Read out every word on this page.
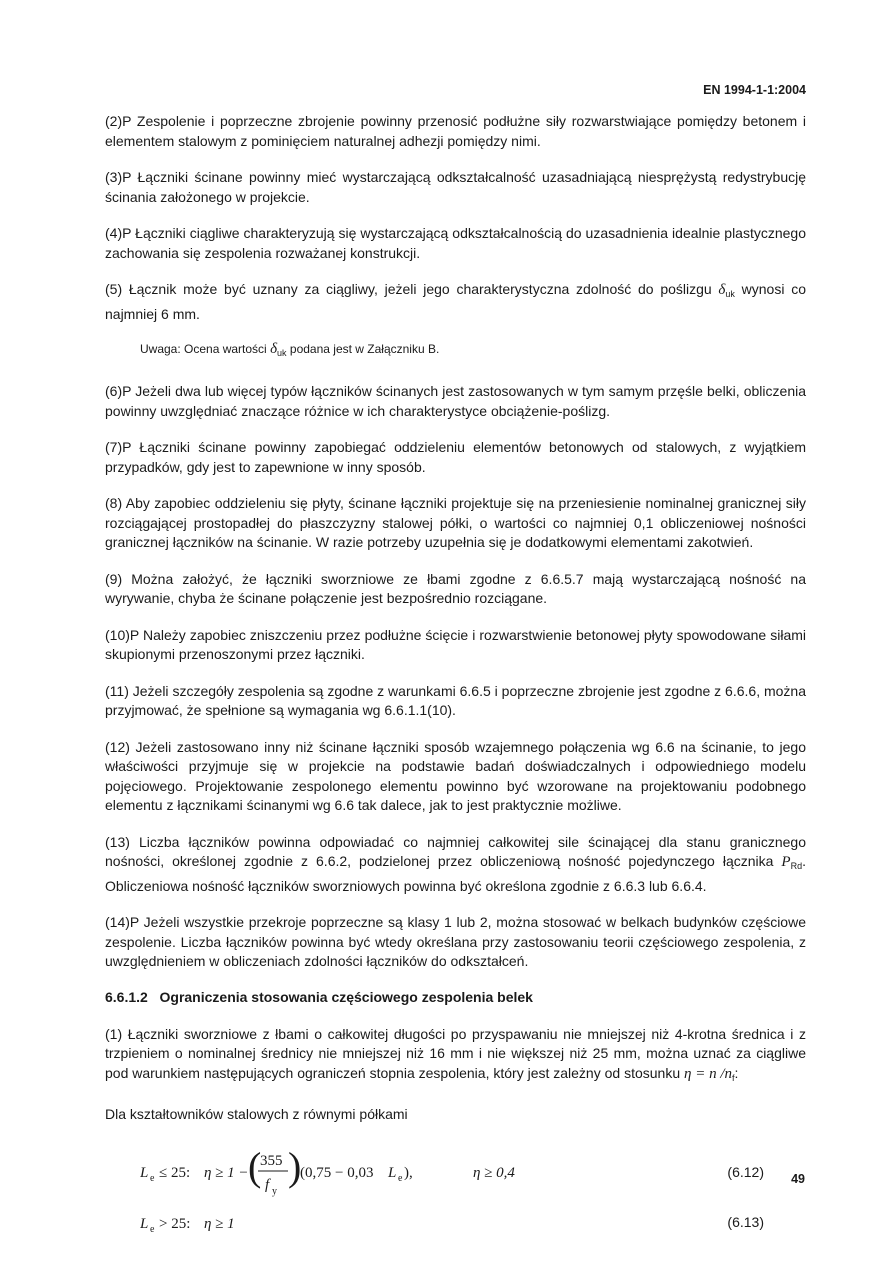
EN 1994-1-1:2004

(2)P Zespolenie i poprzeczne zbrojenie powinny przenosić podłużne siły rozwarstwiające pomiędzy betonem i elementem stalowym z pominięciem naturalnej adhezji pomiędzy nimi.

(3)P Łączniki ścinane powinny mieć wystarczającą odkształcalność uzasadniającą niesprężystą redystrybucję ścinania założonego w projekcie.

(4)P Łączniki ciągliwe charakteryzują się wystarczającą odkształcalnością do uzasadnienia idealnie plastycznego zachowania się zespolenia rozważanej konstrukcji.

(5) Łącznik może być uznany za ciągliwy, jeżeli jego charakterystyczna zdolność do poślizgu $\delta_{uk}$ wynosi co najmniej 6 mm.

Uwaga: Ocena wartości $\delta_{uk}$ podana jest w Załączniku B.

(6)P Jeżeli dwa lub więcej typów łączników ścinanych jest zastosowanych w tym samym przęśle belki, obliczenia powinny uwzględniać znaczące różnice w ich charakterystyce obciążenie-poślizg.

(7)P Łączniki ścinane powinny zapobiegać oddzieleniu elementów betonowych od stalowych, z wyjątkiem przypadków, gdy jest to zapewnione w inny sposób.

(8) Aby zapobiec oddzieleniu się płyty, ścinane łączniki projektuje się na przeniesienie nominalnej granicznej siły rozciągającej prostopadłej do płaszczyzny stalowej półki, o wartości co najmniej 0,1 obliczeniowej nośności granicznej łączników na ścinanie. W razie potrzeby uzupełnia się je dodatkowymi elementami zakotwień.

(9) Można założyć, że łączniki sworzniowe ze łbami zgodne z 6.6.5.7 mają wystarczającą nośność na wyrywanie, chyba że ścinane połączenie jest bezpośrednio rozciągane.

(10)P Należy zapobiec zniszczeniu przez podłużne ścięcie i rozwarstwienie betonowej płyty spowodowane siłami skupionymi przenoszonymi przez łączniki.

(11) Jeżeli szczegóły zespolenia są zgodne z warunkami 6.6.5 i poprzeczne zbrojenie jest zgodne z 6.6.6, można przyjmować, że spełnione są wymagania wg 6.6.1.1(10).

(12) Jeżeli zastosowano inny niż ścinane łączniki sposób wzajemnego połączenia wg 6.6 na ścinanie, to jego właściwości przyjmuje się w projekcie na podstawie badań doświadczalnych i odpowiedniego modelu pojęciowego. Projektowanie zespolonego elementu powinno być wzorowane na projektowaniu podobnego elementu z łącznikami ścinanymi wg 6.6 tak dalece, jak to jest praktycznie możliwe.

(13) Liczba łączników powinna odpowiadać co najmniej całkowitej sile ścinającej dla stanu granicznego nośności, określonej zgodnie z 6.6.2, podzielonej przez obliczeniową nośność pojedynczego łącznika $P_{Rd}$. Obliczeniowa nośność łączników sworzniowych powinna być określona zgodnie z 6.6.3 lub 6.6.4.

(14)P Jeżeli wszystkie przekroje poprzeczne są klasy 1 lub 2, można stosować w belkach budynków częściowe zespolenie. Liczba łączników powinna być wtedy określana przy zastosowaniu teorii częściowego zespolenia, z uwzględnieniem w obliczeniach zdolności łączników do odkształceń.

6.6.1.2 Ograniczenia stosowania częściowego zespolenia belek

(1) Łączniki sworzniowe z łbami o całkowitej długości po przyspawaniu nie mniejszej niż 4-krotna średnica i z trzpieniem o nominalnej średnicy nie mniejszej niż 16 mm i nie większej niż 25 mm, można uznać za ciągliwe pod warunkiem następujących ograniczeń stopnia zespolenia, który jest zależny od stosunku η = n $/n_f$:

Dla kształtowników stalowych z równymi półkami

L e ≤ 25: η ≥ 1 − (
355
f y
)
(0,75 − 0,03 L e ),	η ≥ 0,4	(6.12)
L e > 25: η ≥ 1	(6.13)
49
